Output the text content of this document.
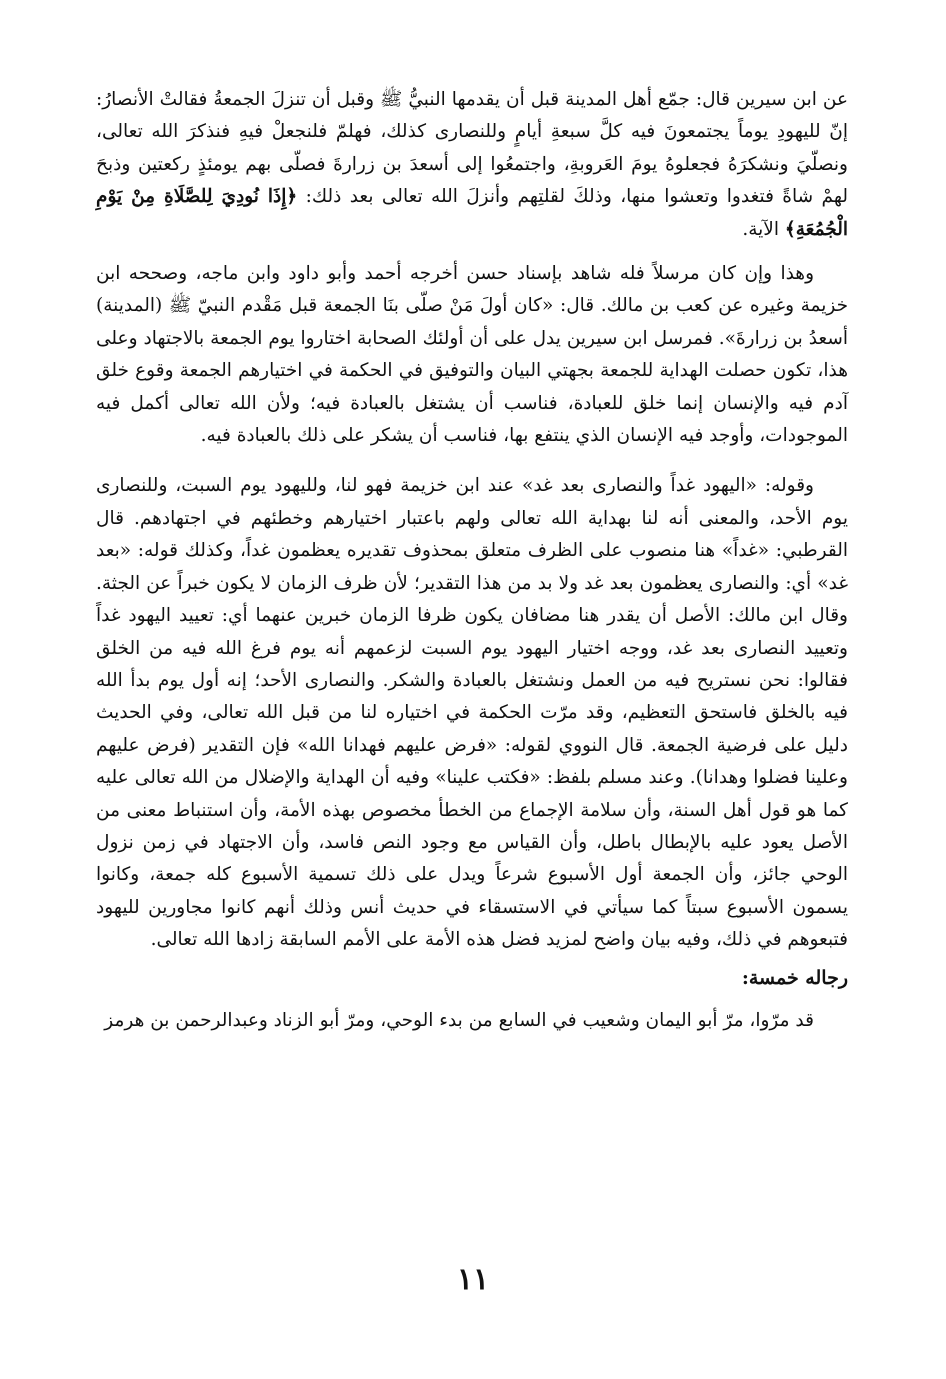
عن ابن سيرين قال: جمّع أهل المدينة قبل أن يقدمها النبيُّ ﷺ وقبل أن تنزلَ الجمعةُ فقالتْ الأنصارُ: إنّ لليهودِ يوماً يجتمعونَ فيه كلَّ سبعةِ أيامٍ وللنصارى كذلك، فهلمّ فلنجعلْ فيهِ فنذكرَ الله تعالى، ونصلّيَ ونشكرَهُ فجعلوهُ يومَ العَروبةِ، واجتمعُوا إلى أسعدَ بن زرارةَ فصلّى بهم يومئذٍ ركعتين وذبحَ لهمْ شاةً فتغدوا وتعشوا منها، وذلكَ لقلتِهم وأنزلَ الله تعالى بعد ذلك: ﴿إِذَا نُودِيَ لِلصَّلَاةِ مِنْ يَوْمِ الْجُمُعَةِ﴾ الآية.

وهذا وإن كان مرسلاً فله شاهد بإسناد حسن أخرجه أحمد وأبو داود وابن ماجه، وصححه ابن خزيمة وغيره عن كعب بن مالك. قال: «كان أولَ مَنْ صلّى بنَا الجمعة قبل مَقْدم النبيّ ﷺ (المدينة) أسعدُ بن زرارةَ». فمرسل ابن سيرين يدل على أن أولئك الصحابة اختاروا يوم الجمعة بالاجتهاد وعلى هذا، تكون حصلت الهداية للجمعة بجهتي البيان والتوفيق في الحكمة في اختيارهم الجمعة وقوع خلق آدم فيه والإنسان إنما خلق للعبادة، فناسب أن يشتغل بالعبادة فيه؛ ولأن الله تعالى أكمل فيه الموجودات، وأوجد فيه الإنسان الذي ينتفع بها، فناسب أن يشكر على ذلك بالعبادة فيه.

وقوله: «اليهود غداً والنصارى بعد غد» عند ابن خزيمة فهو لنا، ولليهود يوم السبت، وللنصارى يوم الأحد، والمعنى أنه لنا بهداية الله تعالى ولهم باعتبار اختيارهم وخطئهم في اجتهادهم. قال القرطبي: «غداً» هنا منصوب على الظرف متعلق بمحذوف تقديره يعظمون غداً، وكذلك قوله: «بعد غد» أي: والنصارى يعظمون بعد غد ولا بد من هذا التقدير؛ لأن ظرف الزمان لا يكون خبراً عن الجثة. وقال ابن مالك: الأصل أن يقدر هنا مضافان يكون ظرفا الزمان خبرين عنهما أي: تعييد اليهود غداً وتعييد النصارى بعد غد، ووجه اختيار اليهود يوم السبت لزعمهم أنه يوم فرغ الله فيه من الخلق فقالوا: نحن نستريح فيه من العمل ونشتغل بالعبادة والشكر. والنصارى الأحد؛ إنه أول يوم بدأ الله فيه بالخلق فاستحق التعظيم، وقد مرّت الحكمة في اختياره لنا من قبل الله تعالى، وفي الحديث دليل على فرضية الجمعة. قال النووي لقوله: «فرض عليهم فهدانا الله» فإن التقدير (فرض عليهم وعلينا فضلوا وهدانا). وعند مسلم بلفظ: «فكتب علينا» وفيه أن الهداية والإضلال من الله تعالى عليه كما هو قول أهل السنة، وأن سلامة الإجماع من الخطأ مخصوص بهذه الأمة، وأن استنباط معنى من الأصل يعود عليه بالإبطال باطل، وأن القياس مع وجود النص فاسد، وأن الاجتهاد في زمن نزول الوحي جائز، وأن الجمعة أول الأسبوع شرعاً ويدل على ذلك تسمية الأسبوع كله جمعة، وكانوا يسمون الأسبوع سبتاً كما سيأتي في الاستسقاء في حديث أنس وذلك أنهم كانوا مجاورين لليهود فتبعوهم في ذلك، وفيه بيان واضح لمزيد فضل هذه الأمة على الأمم السابقة زادها الله تعالى.

رجاله خمسة:

قد مرّوا، مرّ أبو اليمان وشعيب في السابع من بدء الوحي، ومرّ أبو الزناد وعبدالرحمن بن هرمز

١١
